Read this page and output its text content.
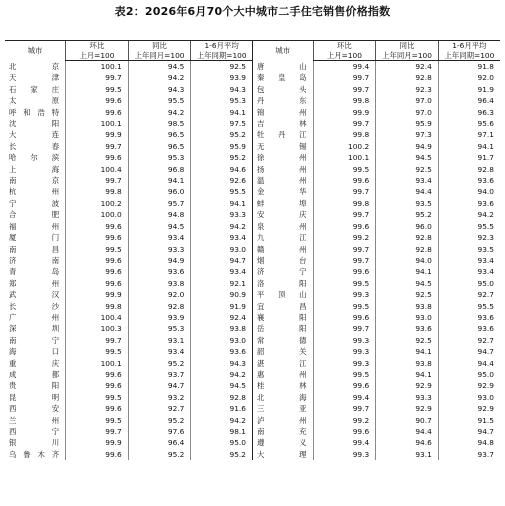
表2：2026年6月70个大中城市二手住宅销售价格指数
城市	环比	同比	1-6月平均	城市	环比	同比	1-6月平均
	上月=100	上年同月=100	上年同期=100		上月=100	上年同月=100	上年同期=100

北京	100.1	94.5	92.5	唐山	99.4	92.4	91.8
天津	99.7	94.2	93.9	秦皇岛	99.7	92.8	92.0
石家庄	99.5	94.3	94.3	包头	99.7	92.3	91.9
太原	99.6	95.5	95.3	丹东	99.8	97.0	96.4
呼和浩特	99.6	94.2	94.1	锦州	99.9	97.0	96.3
沈阳	100.1	98.5	97.5	吉林	99.7	95.9	95.6
大连	99.9	96.5	95.2	牡丹江	99.8	97.3	97.1
长春	99.7	96.5	95.9	无锡	100.2	94.9	94.1
哈尔滨	99.6	95.3	95.2	徐州	100.1	94.5	91.7
上海	100.4	96.8	94.6	扬州	99.5	92.5	92.8
南京	99.7	94.1	92.6	温州	99.6	93.4	93.6
杭州	99.8	96.0	95.5	金华	99.7	94.4	94.0
宁波	100.2	95.7	94.1	蚌埠	99.8	93.5	93.6
合肥	100.0	94.8	93.3	安庆	99.7	95.2	94.2
福州	99.6	94.5	94.2	泉州	99.6	96.0	95.5
厦门	99.6	93.4	93.4	九江	99.2	92.8	92.3
南昌	99.5	93.3	93.0	赣州	99.7	92.8	93.5
济南	99.6	94.9	94.7	烟台	99.7	94.0	93.4
青岛	99.6	93.6	93.4	济宁	99.6	94.1	93.4
郑州	99.6	93.8	92.1	洛阳	99.5	94.5	95.0
武汉	99.9	92.0	90.9	平顶山	99.3	92.5	92.7
长沙	99.8	92.8	91.9	宜昌	99.5	93.8	95.5
广州	100.4	93.9	92.4	襄阳	99.6	93.0	93.6
深圳	100.3	95.3	93.8	岳阳	99.7	93.6	93.6
南宁	99.7	93.1	93.0	常德	99.3	92.5	92.7
海口	99.5	93.4	93.6	韶关	99.3	94.1	94.7
重庆	100.1	95.2	94.3	湛江	99.3	93.8	94.4
成都	99.6	93.7	94.2	惠州	99.5	94.1	95.0
贵阳	99.6	94.7	94.5	桂林	99.6	92.9	92.9
昆明	99.5	93.2	92.8	北海	99.4	93.3	93.0
西安	99.6	92.7	91.6	三亚	99.7	92.9	92.9
兰州	99.5	95.2	94.2	泸州	99.2	90.7	91.5
西宁	99.7	97.6	98.1	南充	99.6	94.4	94.7
银川	99.9	96.4	95.0	遵义	99.4	94.6	94.8
乌鲁木齐	99.6	95.2	95.2	大理	99.3	93.1	93.7
